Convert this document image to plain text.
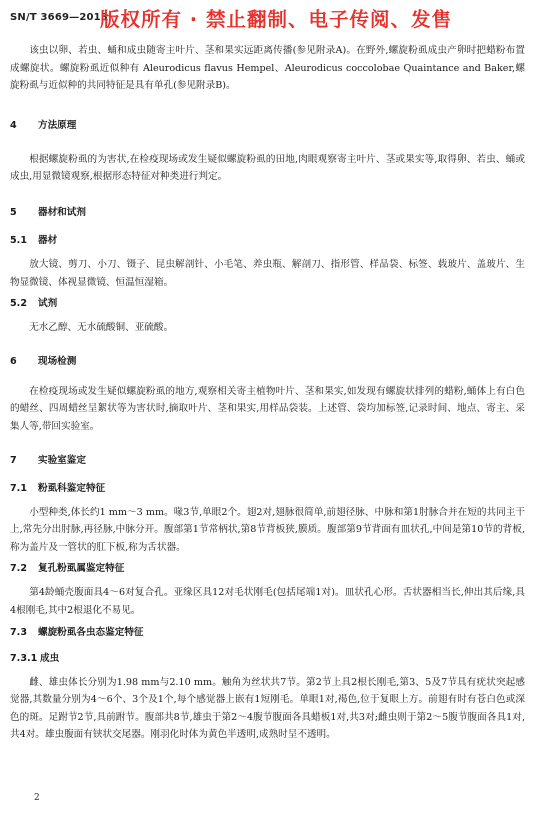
SN/T 3669—2013
版权所有 · 禁止翻制、电子传阅、发售

该虫以卵、若虫、蛹和成虫随寄主叶片、茎和果实远距离传播(参见附录A)。在野外,螺旋粉虱成虫产卵时把蜡粉布置成螺旋状。螺旋粉虱近似种有 Aleurodicus flavus Hempel、Aleurodicus coccolobae Quaintance and Baker,螺旋粉虱与近似种的共同特征是具有单孔(参见附录B)。

4 方法原理

根据螺旋粉虱的为害状,在检疫现场或发生疑似螺旋粉虱的田地,肉眼观察寄主叶片、茎或果实等,取得卵、若虫、蛹或成虫,用显微镜观察,根据形态特征对种类进行判定。

5 器材和试剂
5.1 器材

放大镜、剪刀、小刀、镊子、昆虫解剖针、小毛笔、养虫瓶、解剖刀、指形管、样品袋、标签、载玻片、盖玻片、生物显微镜、体视显微镜、恒温恒湿箱。

5.2 试剂

无水乙醇、无水硫酸铜、亚硫酸。

6 现场检测

在检疫现场或发生疑似螺旋粉虱的地方,观察相关寄主植物叶片、茎和果实,如发现有螺旋状排列的蜡粉,蛹体上有白色的蜡丝、四周蜡丝呈絮状等为害状时,摘取叶片、茎和果实,用样品袋装。上述管、袋均加标签,记录时间、地点、寄主、采集人等,带回实验室。

7 实验室鉴定
7.1 粉虱科鉴定特征

小型种类,体长约1 mm～3 mm。喙3节,单眼2个。翅2对,翅脉很简单,前翅径脉、中脉和第1肘脉合并在短的共同主干上,常先分出肘脉,再径脉,中脉分开。腹部第1节常柄状,第8节背板狭,膜质。腹部第9节背面有皿状孔,中间是第10节的背板,称为盖片及一管状的肛下板,称为舌状器。

7.2 复孔粉虱属鉴定特征

第4龄蛹壳腹面具4～6对复合孔。亚缘区具12对毛状刚毛(包括尾端1对)。皿状孔心形。舌状器相当长,伸出其后缘,具4根刚毛,其中2根退化不易见。

7.3 螺旋粉虱各虫态鉴定特征
7.3.1 成虫

雌、雄虫体长分别为1.98 mm与2.10 mm。触角为丝状共7节。第2节上具2根长刚毛,第3、5及7节具有疣状突起感觉器,其数量分别为4～6个、3个及1个,每个感觉器上嵌有1短刚毛。单眼1对,褐色,位于复眼上方。前翅有时有苍白色或深色的斑。足跗节2节,具前跗节。腹部共8节,雄虫于第2～4腹节腹面各具蜡板1对,共3对;雌虫则于第2～5腹节腹面各具1对,共4对。雄虫腹面有铗状交尾器。刚羽化时体为黄色半透明,成熟时呈不透明。

2
